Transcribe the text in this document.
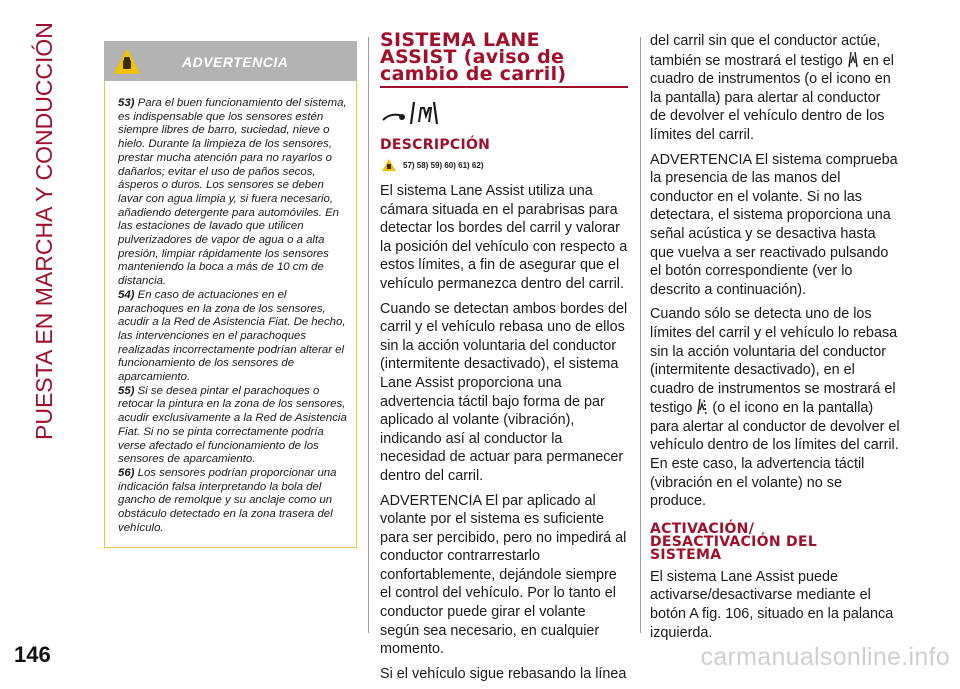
PUESTA EN MARCHA Y CONDUCCIÓN
146
ADVERTENCIA

53) Para el buen funcionamiento del sistema, es indispensable que los sensores estén siempre libres de barro, suciedad, nieve o hielo. Durante la limpieza de los sensores, prestar mucha atención para no rayarlos o dañarlos; evitar el uso de paños secos, ásperos o duros. Los sensores se deben lavar con agua limpia y, si fuera necesario, añadiendo detergente para automóviles. En las estaciones de lavado que utilicen pulverizadores de vapor de agua o a alta presión, limpiar rápidamente los sensores manteniendo la boca a más de 10 cm de distancia.

54) En caso de actuaciones en el parachoques en la zona de los sensores, acudir a la Red de Asistencia Fiat. De hecho, las intervenciones en el parachoques realizadas incorrectamente podrían alterar el funcionamiento de los sensores de aparcamiento.

55) Si se desea pintar el parachoques o retocar la pintura en la zona de los sensores, acudir exclusivamente a la Red de Asistencia Fiat. Si no se pinta correctamente podría verse afectado el funcionamiento de los sensores de aparcamiento.

56) Los sensores podrían proporcionar una indicación falsa interpretando la bola del gancho de remolque y su anclaje como un obstáculo detectado en la zona trasera del vehículo.

SISTEMA LANE
ASSIST (aviso de
cambio de carril)
DESCRIPCIÓN
57) 58) 59) 60) 61) 62)

El sistema Lane Assist utiliza una cámara situada en el parabrisas para detectar los bordes del carril y valorar la posición del vehículo con respecto a estos límites, a fin de asegurar que el vehículo permanezca dentro del carril.

Cuando se detectan ambos bordes del carril y el vehículo rebasa uno de ellos sin la acción voluntaria del conductor (intermitente desactivado), el sistema Lane Assist proporciona una advertencia táctil bajo forma de par aplicado al volante (vibración), indicando así al conductor la necesidad de actuar para permanecer dentro del carril.

ADVERTENCIA El par aplicado al volante por el sistema es suficiente para ser percibido, pero no impedirá al conductor contrarrestarlo confortablemente, dejándole siempre el control del vehículo. Por lo tanto el conductor puede girar el volante según sea necesario, en cualquier momento.

Si el vehículo sigue rebasando la línea

del carril sin que el conductor actúe, también se mostrará el testigo en el cuadro de instrumentos (o el icono en la pantalla) para alertar al conductor de devolver el vehículo dentro de los límites del carril.

ADVERTENCIA El sistema comprueba la presencia de las manos del conductor en el volante. Si no las detectara, el sistema proporciona una señal acústica y se desactiva hasta que vuelva a ser reactivado pulsando el botón correspondiente (ver lo descrito a continuación).

Cuando sólo se detecta uno de los límites del carril y el vehículo lo rebasa sin la acción voluntaria del conductor (intermitente desactivado), en el cuadro de instrumentos se mostrará el testigo (o el icono en la pantalla) para alertar al conductor de devolver el vehículo dentro de los límites del carril. En este caso, la advertencia táctil (vibración en el volante) no se produce.

ACTIVACIÓN/
DESACTIVACIÓN DEL
SISTEMA

El sistema Lane Assist puede activarse/desactivarse mediante el botón A fig. 106, situado en la palanca izquierda.

carmanualsonline.info
